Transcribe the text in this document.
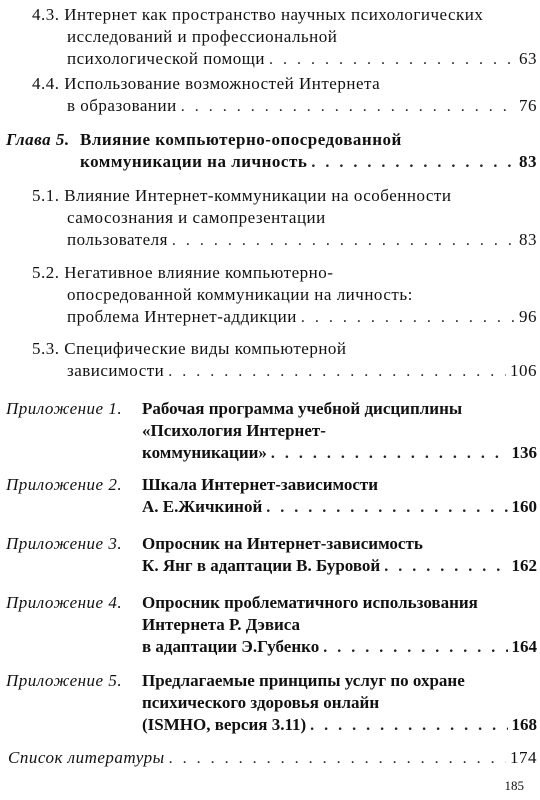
4.3. Интернет как пространство научных психологических
исследований и профессиональной
психологической помощи . . .	63
4.4. Использование возможностей Интернета
в образовании . . .	76
Глава 5. Влияние компьютерно-опосредованной
коммуникации на личность . . .	83
5.1. Влияние Интернет-коммуникации на особенности
самосознания и самопрезентации
пользователя . . .	83
5.2. Негативное влияние компьютерно-
опосредованной коммуникации на личность:
проблема Интернет-аддикции . . .	96
5.3. Специфические виды компьютерной
зависимости . . .	106
Приложение 1. Рабочая программа учебной дисциплины
«Психология Интернет-
коммуникации» . . .	136
Приложение 2. Шкала Интернет-зависимости
А. Е.Жичкиной . . .	160
Приложение 3. Опросник на Интернет-зависимость
К. Янг в адаптации В. Буровой . . .	162
Приложение 4. Опросник проблематичного использования
Интернета Р. Дэвиса
в адаптации Э.Губенко . . .	164
Приложение 5. Предлагаемые принципы услуг по охране
психического здоровья онлайн
(ISMHO, версия 3.11) . . .	168
Список литературы . . .	174
185
